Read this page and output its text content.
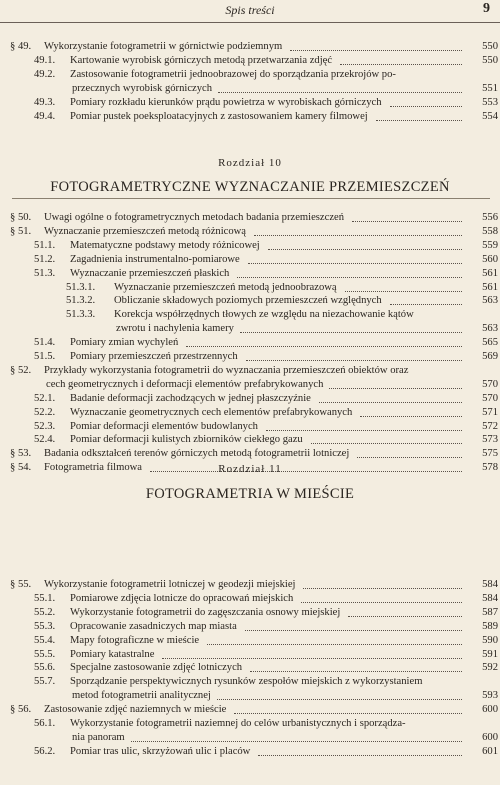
Spis treści	9
§ 49. Wykorzystanie fotogrametrii w górnictwie podziemnym	550
49.1. Kartowanie wyrobisk górniczych metodą przetwarzania zdjęć	550
49.2. Zastosowanie fotogrametrii jednoobrazowej do sporządzania przekrojów po-
przecznych wyrobisk górniczych	551
49.3. Pomiary rozkładu kierunków prądu powietrza w wyrobiskach górniczych	553
49.4. Pomiar pustek poeksploatacyjnych z zastosowaniem kamery filmowej	554
Rozdział 10
FOTOGRAMETRYCZNE WYZNACZANIE PRZEMIESZCZEŃ
§ 50. Uwagi ogólne o fotogrametrycznych metodach badania przemieszczeń	556
§ 51. Wyznaczanie przemieszczeń metodą różnicową	558
51.1. Matematyczne podstawy metody różnicowej	559
51.2. Zagadnienia instrumentalno-pomiarowe	560
51.3. Wyznaczanie przemieszczeń płaskich	561
51.3.1. Wyznaczanie przemieszczeń metodą jednoobrazową	561
51.3.2. Obliczanie składowych poziomych przemieszczeń względnych	563
51.3.3. Korekcja współrzędnych tłowych ze względu na niezachowanie kątów
zwrotu i nachylenia kamery	563
51.4. Pomiary zmian wychyleń	565
51.5. Pomiary przemieszczeń przestrzennych	569
§ 52. Przykłady wykorzystania fotogrametrii do wyznaczania przemieszczeń obiektów oraz
cech geometrycznych i deformacji elementów prefabrykowanych	570
52.1. Badanie deformacji zachodzących w jednej płaszczyźnie	570
52.2. Wyznaczanie geometrycznych cech elementów prefabrykowanych	571
52.3. Pomiar deformacji elementów budowlanych	572
52.4. Pomiar deformacji kulistych zbiorników ciekłego gazu	573
§ 53. Badania odkształceń terenów górniczych metodą fotogrametrii lotniczej	575
§ 54. Fotogrametria filmowa	578
Rozdział 11
FOTOGRAMETRIA W MIEŚCIE
§ 55. Wykorzystanie fotogrametrii lotniczej w geodezji miejskiej	584
55.1. Pomiarowe zdjęcia lotnicze do opracowań miejskich	584
55.2. Wykorzystanie fotogrametrii do zagęszczania osnowy miejskiej	587
55.3. Opracowanie zasadniczych map miasta	589
55.4. Mapy fotograficzne w mieście	590
55.5. Pomiary katastralne	591
55.6. Specjalne zastosowanie zdjęć lotniczych	592
55.7. Sporządzanie perspektywicznych rysunków zespołów miejskich z wykorzystaniem
metod fotogrametrii analitycznej	593
§ 56. Zastosowanie zdjęć naziemnych w mieście	600
56.1. Wykorzystanie fotogrametrii naziemnej do celów urbanistycznych i sporządza-
nia panoram	600
56.2. Pomiar tras ulic, skrzyżowań ulic i placów	601
